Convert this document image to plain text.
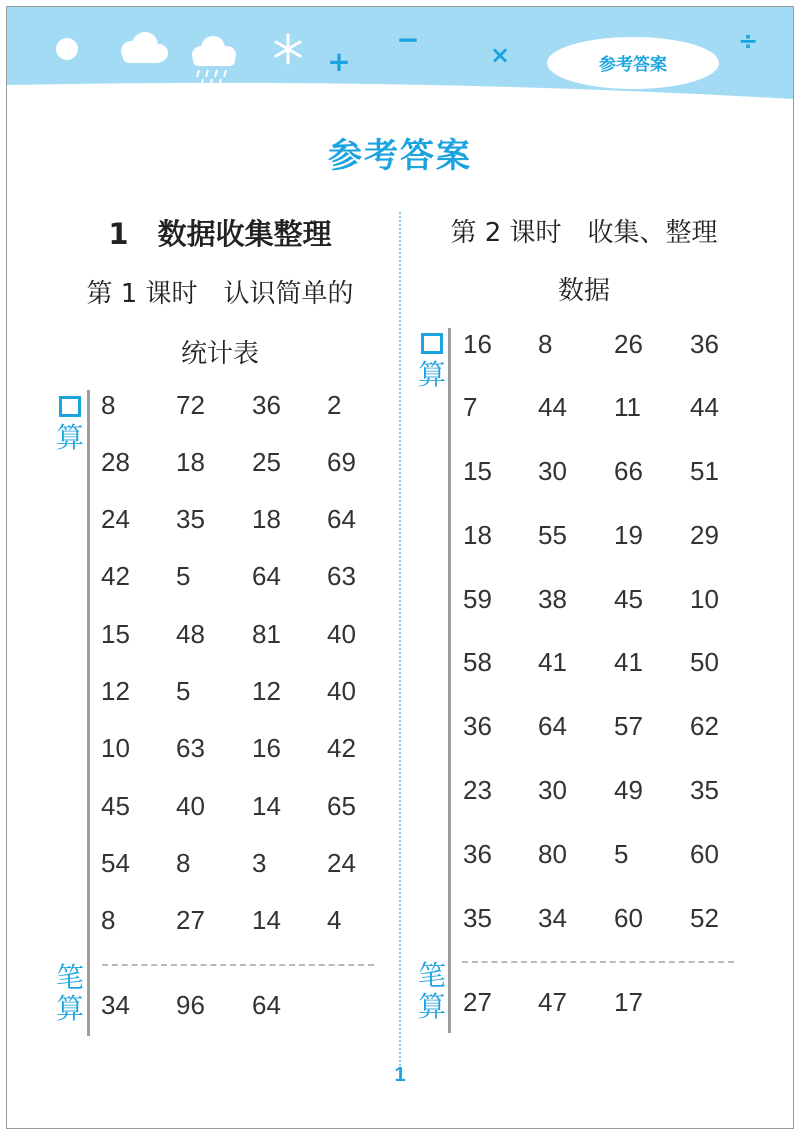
+
−	×	参考答案
÷
参考答案
1　数据收集整理
第 1 课时　认识简单的
统计表
第 2 课时　收集、整理
数据
算
笔
算
算
笔
算
8 72 36 2
28 18 25 69
24 35 18 64
42 5 64 63
15 48 81 40
12 5 12 40
10 63 16 42
45 40 14 65
54 8 3 24
8 27 14 4
34 96 64
16 8 26 36
7 44 11 44
15 30 66 51
18 55 19 29
59 38 45 10
58 41 41 50
36 64 57 62
23 30 49 35
36 80 5 60
35 34 60 52
27 47 17
1
